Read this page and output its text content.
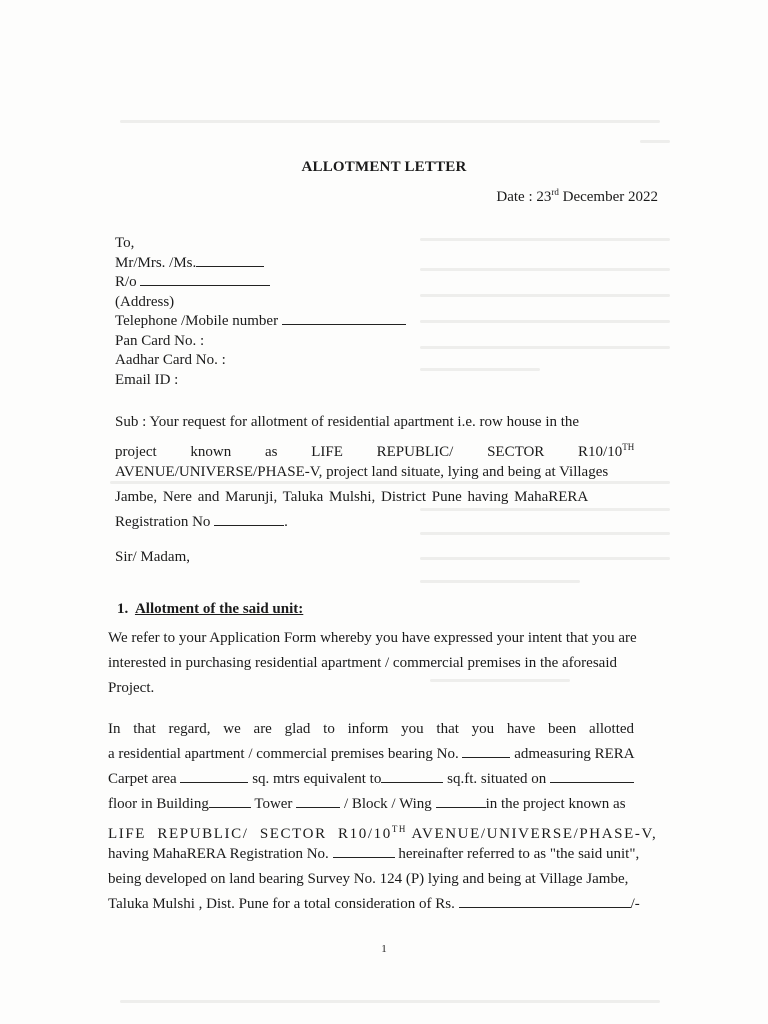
ALLOTMENT LETTER
Date : 23rd December 2022
To,
Mr/Mrs. /Ms.
R/o
(Address)
Telephone /Mobile number
Pan Card No. :
Aadhar Card No. :
Email ID :
Sub : Your request for allotment of residential apartment i.e. row house in the
project known as LIFE REPUBLIC/ SECTOR R10/10TH
AVENUE/UNIVERSE/PHASE-V, project land situate, lying and being at Villages
Jambe, Nere and Marunji, Taluka Mulshi, District Pune having MahaRERA
Registration No	.
Sir/ Madam,
1. Allotment of the said unit:
We refer to your Application Form whereby you have expressed your intent that you are
interested in purchasing residential apartment / commercial premises in the aforesaid
Project.
In that regard, we are glad to inform you that you have been allotted
a residential apartment / commercial premises bearing No.	admeasuring RERA
Carpet area	sq. mtrs equivalent to	sq.ft. situated on
floor in Building	Tower	/ Block / Wing	in the project known as
LIFE REPUBLIC/ SECTOR R10/10TH AVENUE/UNIVERSE/PHASE-V,
having MahaRERA Registration No.	hereinafter referred to as "the said unit",
being developed on land bearing Survey No. 124 (P) lying and being at Village Jambe,
Taluka Mulshi , Dist. Pune for a total consideration of Rs.	/-
1
